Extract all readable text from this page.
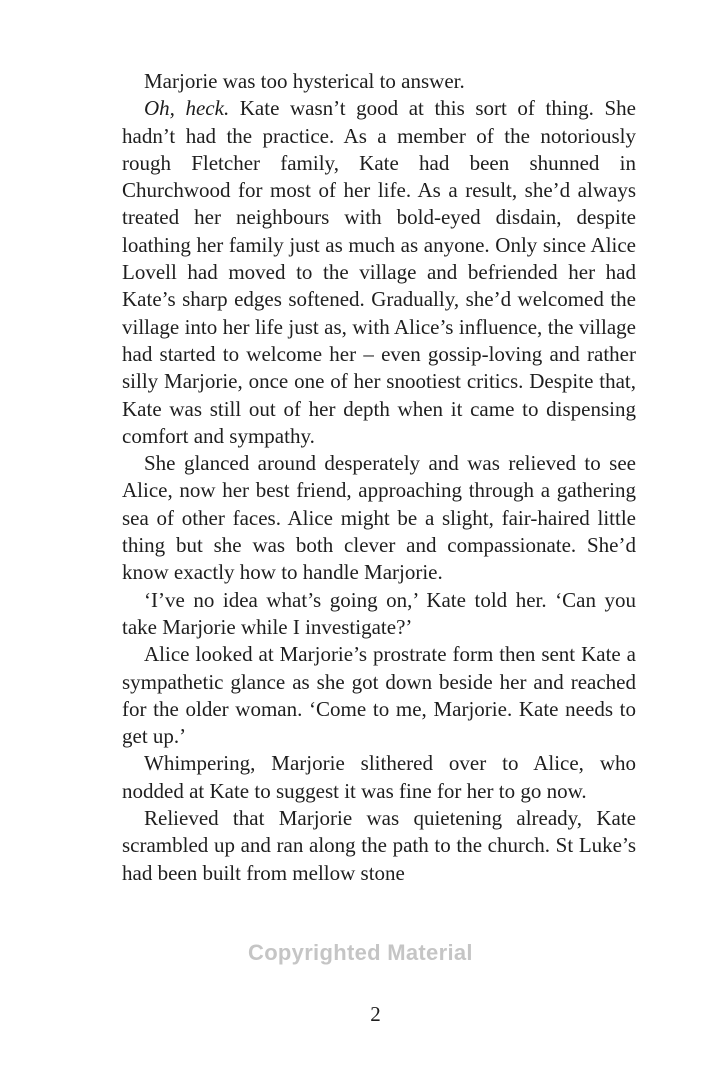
Marjorie was too hysterical to answer.

Oh, heck. Kate wasn’t good at this sort of thing. She hadn’t had the practice. As a member of the notoriously rough Fletcher family, Kate had been shunned in Churchwood for most of her life. As a result, she’d always treated her neighbours with bold-eyed disdain, despite loathing her family just as much as anyone. Only since Alice Lovell had moved to the village and befriended her had Kate’s sharp edges softened. Gradually, she’d welcomed the village into her life just as, with Alice’s influence, the village had started to welcome her – even gossip-loving and rather silly Marjorie, once one of her snootiest critics. Despite that, Kate was still out of her depth when it came to dispensing comfort and sympathy.

She glanced around desperately and was relieved to see Alice, now her best friend, approaching through a gathering sea of other faces. Alice might be a slight, fair-haired little thing but she was both clever and compassionate. She’d know exactly how to handle Marjorie.

‘I’ve no idea what’s going on,’ Kate told her. ‘Can you take Marjorie while I investigate?’

Alice looked at Marjorie’s prostrate form then sent Kate a sympathetic glance as she got down beside her and reached for the older woman. ‘Come to me, Marjorie. Kate needs to get up.’

Whimpering, Marjorie slithered over to Alice, who nodded at Kate to suggest it was fine for her to go now.

Relieved that Marjorie was quietening already, Kate scrambled up and ran along the path to the church. St Luke’s had been built from mellow stone

Copyrighted Material
2
